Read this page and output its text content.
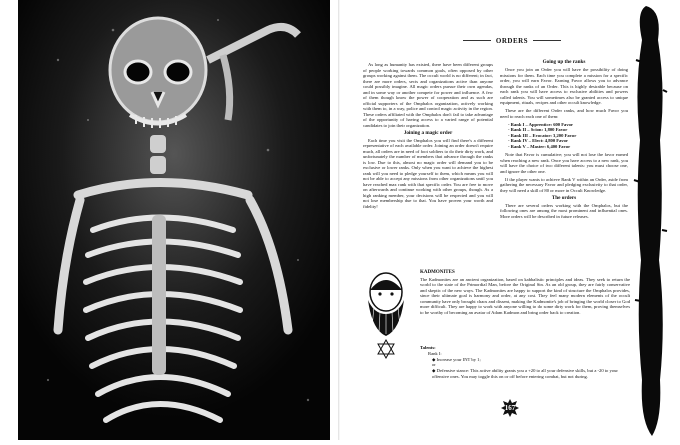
ORDERS

As long as humanity has existed, there have been different groups of people working towards common goals, often opposed by other groups working against them. The occult world is no different; in fact, there are more orders, sects and organizations active than anyone could possibly imagine. All magic orders pursue their own agendas, and in some way or another compete for power and influence. A few of them though know the power of cooperation and as such are official supporters of the Omphalos organization, actively working with them to, in a way, police and control magic activity in the region. These orders affiliated with the Omphalos don't fail to take advantage of the opportunity of having access to a varied range of potential candidates to join their organization.

Joining a magic order

Each time you visit the Omphalos you will find there's a different representative of each available order. Joining an order doesn't require much, all orders are in need of foot soldiers to do their dirty work, and unfortunately the number of members that advance through the ranks is low. Due to this, almost no magic order will demand you to be exclusive or lower ranks. Only when you want to achieve the highest rank will you need to pledge yourself to them, which means you will not be able to accept any missions from other organizations until you have reached max rank with that specific order. You are free to move on afterwards and continue working with other groups, though. As a high ranking member, your decisions will be respected and you will not lose membership due to that. You have proven your worth and fidelity!

Going up the ranks

Once you join an Order you will have the possibility of doing missions for them. Each time you complete a mission for a specific order, you will earn Favor. Earning Favor allows you to advance through the ranks of an Order. This is highly desirable because on each rank you will have access to exclusive abilities and powers called talents. You will sometimes also be granted access to unique equipment, rituals, recipes and other occult knowledge.

These are the different Order ranks, and how much Favor you need to reach each one of them:

- Rank I – Apprentice: 600 Favor
- Rank II – Scion: 1,800 Favor
- Rank III – Evocator: 3,200 Favor
- Rank IV – Elect: 4,800 Favor
- Rank V – Master: 6,400 Favor

Note that Favor is cumulative; you will not lose the favor earned when reaching a new rank. Once you have access to a new rank, you will have the choice of two different talents: you must choose one, and ignore the other one.

If the player wants to achieve Rank V within an Order, aside from gathering the necessary Favor and pledging exclusivity to that order, they will need a skill of 80 or more in Occult Knowledge.

The orders

There are several orders working with the Omphalos, but the following ones are among the most prominent and influential ones. More orders will be described in future releases.

KADMONITES

The Kadmonites are an ancient organization, based on kabbalistic principles and ideas. They seek to return the world to the state of the Primordial Man, before the Original Sin. As an old group, they are fairly conservative and skeptic of the new ways. The Kadmonites are happy to support the kind of structure the Omphalos provides, since their ultimate goal is harmony and order, at any cost. They feel many modern elements of the occult community have only brought chaos and dissent, making the Kadmonite's job of bringing the world closer to God more difficult. They are happy to work with anyone willing to do some dirty work for them, proving themselves to be worthy of becoming an avatar of Adam Kadmon and bring order back to creation.

Talents:
Rank I:
◆ Increase your INT by 1;
or
◆ Defensive stance: This active ability grants you a +20 to all your defensive skills, but a -20 to your offensive ones. You may toggle this on or off before entering combat, but not during.
167
